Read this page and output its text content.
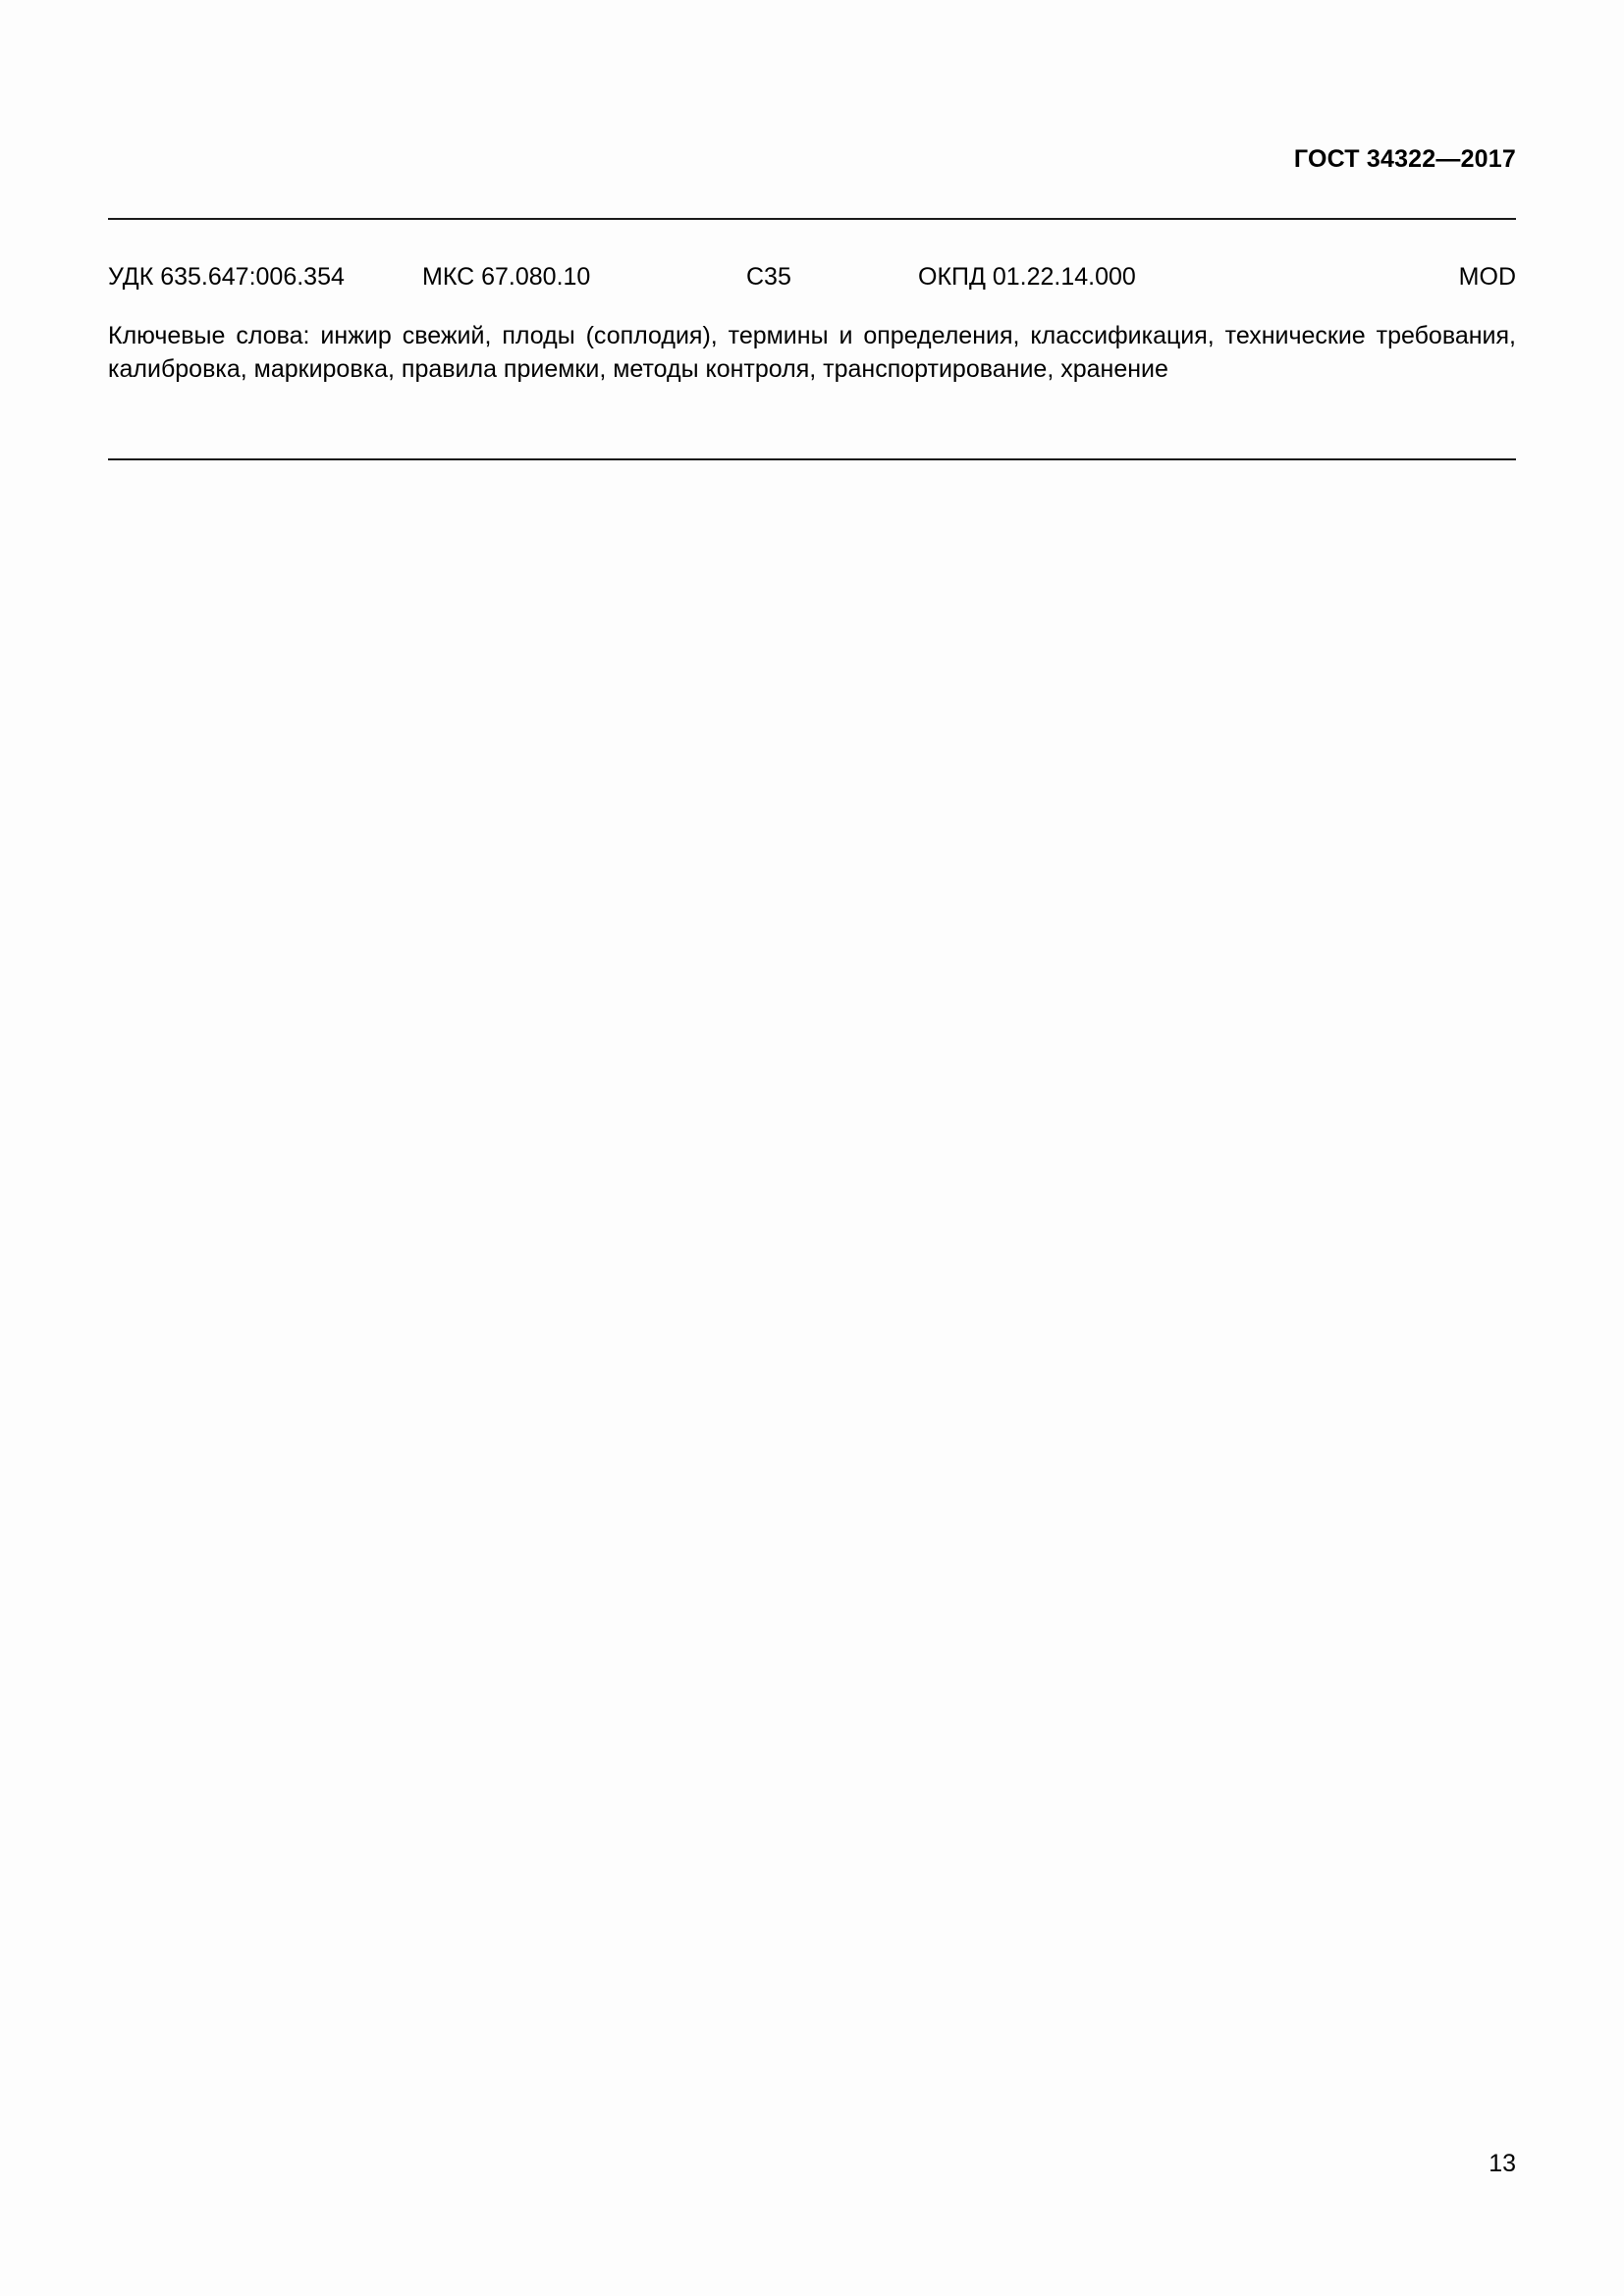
ГОСТ 34322—2017
УДК 635.647:006.354	МКС 67.080.10	С35	ОКПД 01.22.14.000	MOD
Ключевые слова: инжир свежий, плоды (соплодия), термины и определения, классификация, технические требования, калибровка, маркировка, правила приемки, методы контроля, транспортирование, хранение
13
